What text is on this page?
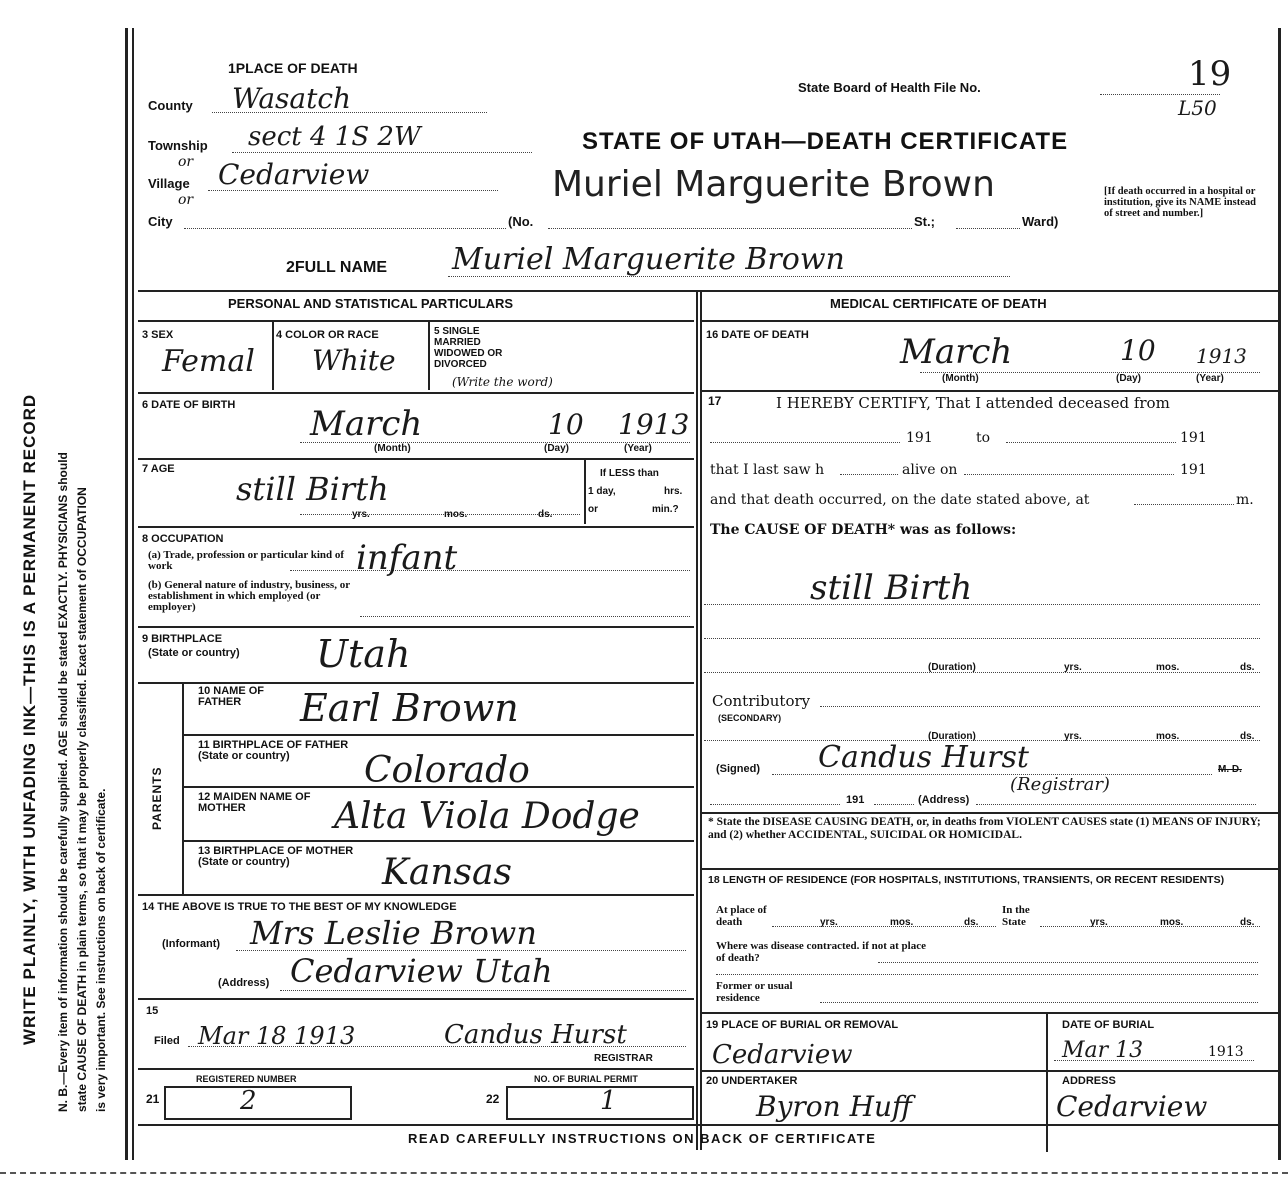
WRITE PLAINLY, WITH UNFADING INK—THIS IS A PERMANENT RECORD N. B.—Every item of information should be carefully supplied. AGE should be stated EXACTLY. PHYSICIANS should state CAUSE OF DEATH in plain terms, so that it may be properly classified. Exact statement of OCCUPATION is very important. See instructions on back of certificate.
1PLACE OF DEATH
County Wasatch
Township sect 4 1S 2W
or
Village Cedarview
or
City	(No.	St.;	Ward)
State Board of Health File No.	19
L50
STATE OF UTAH—DEATH CERTIFICATE
Muriel Marguerite Brown	[If death occurred in a hospital or institution, give its NAME instead of street and number.]
2FULL NAME Muriel Marguerite Brown
PERSONAL AND STATISTICAL PARTICULARS
3 SEX
Femal
4 COLOR OR RACE
White
5 SINGLE MARRIED WIDOWED OR DIVORCED
(Write the word)
6 DATE OF BIRTH March	10 1913
(Month)	(Day)	(Year)
7 AGE
still Birth
yrs.	mos.	ds.
If LESS than
1 day,	hrs.
or	min.?
8 OCCUPATION
(a) Trade, profession or particular kind of work
(b) General nature of industry, business, or establishment in which employed (or employer)
infant
9 BIRTHPLACE
(State or country) Utah
PARENTS
10 NAME OF FATHER	Earl Brown
11 BIRTHPLACE OF FATHER (State or country)	Colorado
12 MAIDEN NAME OF MOTHER	Alta Viola Dodge
13 BIRTHPLACE OF MOTHER (State or country)	Kansas
14 THE ABOVE IS TRUE TO THE BEST OF MY KNOWLEDGE
(Informant) Mrs Leslie Brown
(Address) Cedarview Utah
15
Filed Mar 18 1913	Candus Hurst
REGISTRAR
REGISTERED NUMBER
21	2	22
NO. OF BURIAL PERMIT
1
MEDICAL CERTIFICATE OF DEATH
16 DATE OF DEATH	March	10 1913
(Month)	(Day)	(Year)
17	I HEREBY CERTIFY, That I attended deceased from
191	to	191
that I last saw h	alive on	191
and that death occurred, on the date stated above, at	m.
The CAUSE OF DEATH* was as follows:
still Birth
(Duration)	yrs.	mos.	ds.
Contributory
(SECONDARY)
(Duration)	yrs.	mos.	ds.
(Signed) Candus Hurst
(Registrar)
M. D.
191	(Address)
* State the DISEASE CAUSING DEATH, or, in deaths from VIOLENT CAUSES state (1) MEANS OF INJURY; and (2) whether ACCIDENTAL, SUICIDAL OR HOMICIDAL.
18 LENGTH OF RESIDENCE (FOR HOSPITALS, INSTITUTIONS, TRANSIENTS, OR RECENT RESIDENTS)
At place of death	yrs.	mos.	ds.
In the State	yrs.	mos.	ds.
Where was disease contracted. if not at place of death?
Former or usual residence
19 PLACE OF BURIAL OR REMOVAL
Cedarview
DATE OF BURIAL
Mar 13	1913
20 UNDERTAKER
Byron Huff
ADDRESS
Cedarview
READ CAREFULLY INSTRUCTIONS ON BACK OF CERTIFICATE
